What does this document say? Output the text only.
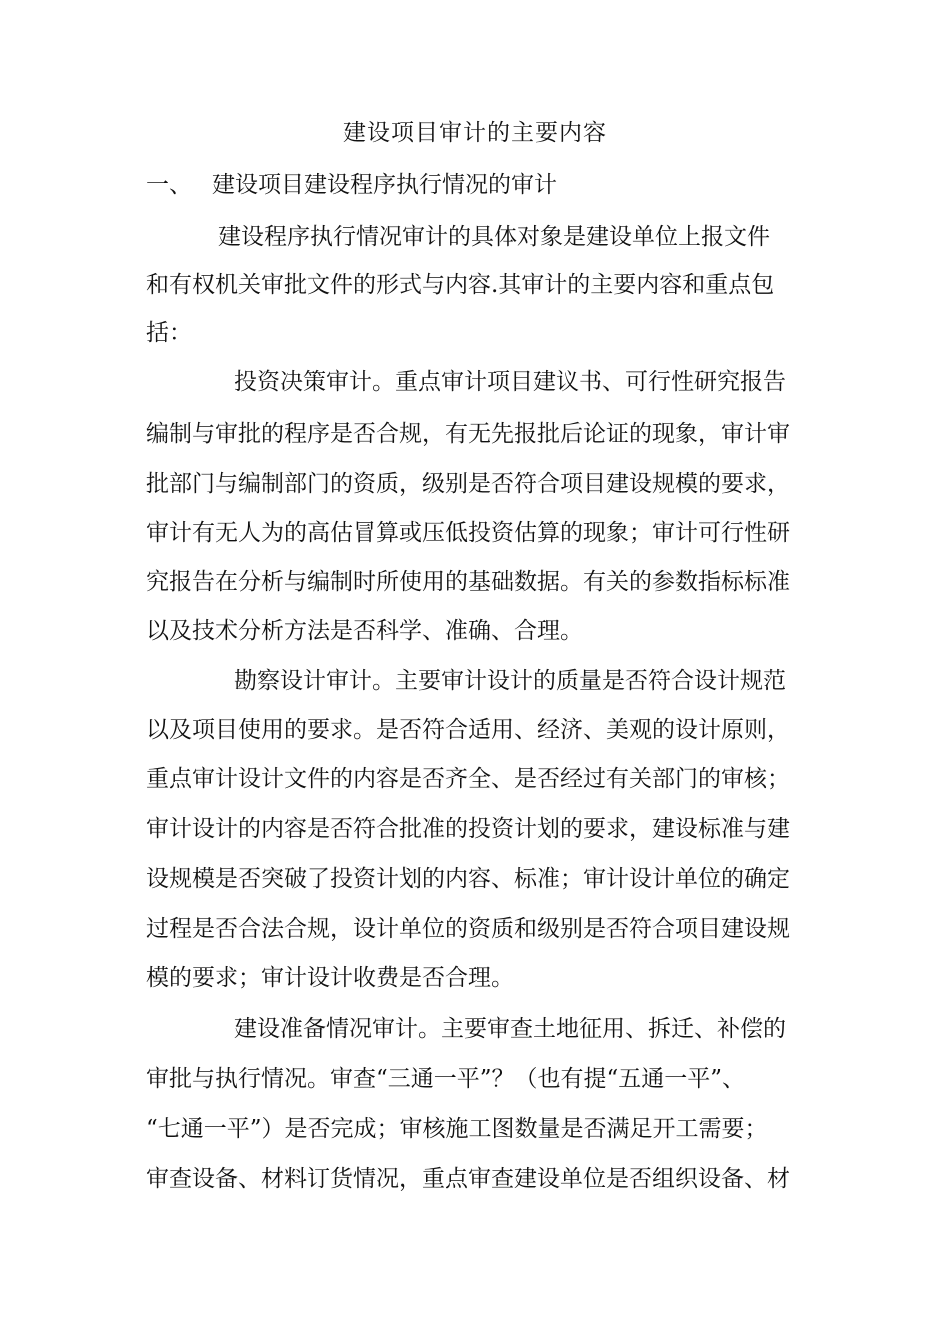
建设项目审计的主要内容
一、 建设项目建设程序执行情况的审计
建设程序执行情况审计的具体对象是建设单位上报文件
和有权机关审批文件的形式与内容.其审计的主要内容和重点包
括：
投资决策审计。重点审计项目建议书、可行性研究报告
编制与审批的程序是否合规，有无先报批后论证的现象，审计审
批部门与编制部门的资质，级别是否符合项目建设规模的要求，
审计有无人为的高估冒算或压低投资估算的现象；审计可行性研
究报告在分析与编制时所使用的基础数据。有关的参数指标标准
以及技术分析方法是否科学、准确、合理。
勘察设计审计。主要审计设计的质量是否符合设计规范
以及项目使用的要求。是否符合适用、经济、美观的设计原则，
重点审计设计文件的内容是否齐全、是否经过有关部门的审核；
审计设计的内容是否符合批准的投资计划的要求，建设标准与建
设规模是否突破了投资计划的内容、标准；审计设计单位的确定
过程是否合法合规，设计单位的资质和级别是否符合项目建设规
模的要求；审计设计收费是否合理。
建设准备情况审计。主要审查土地征用、拆迁、补偿的
审批与执行情况。审查“三通一平”？（也有提“五通一平”、
“七通一平”）是否完成；审核施工图数量是否满足开工需要；
审查设备、材料订货情况，重点审查建设单位是否组织设备、材
